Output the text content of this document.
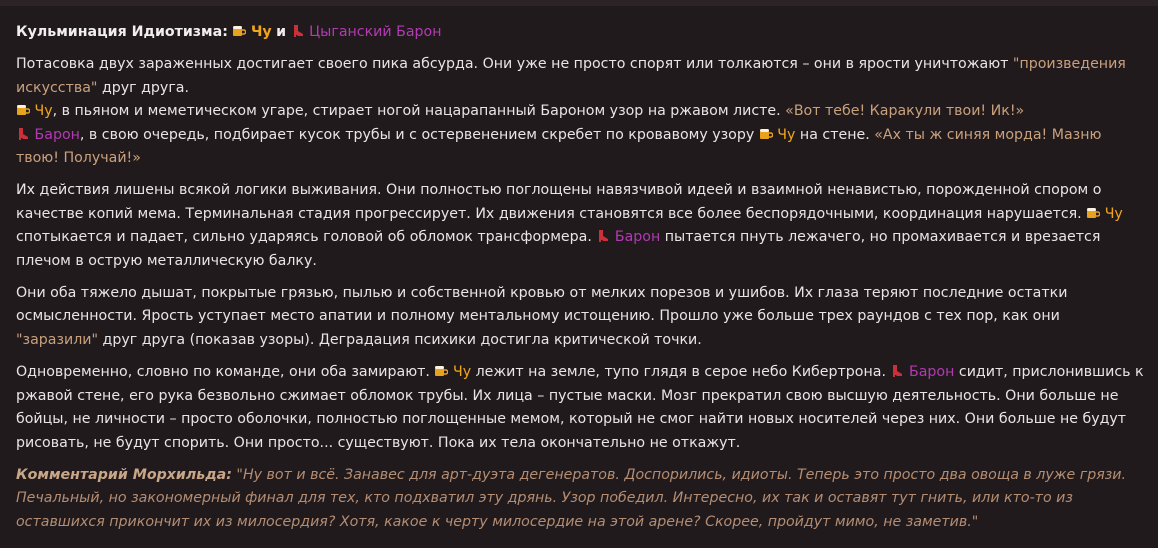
Кульминация Идиотизма: Чу и Цыганский Барон

Потасовка двух зараженных достигает своего пика абсурда. Они уже не просто спорят или толкаются – они в ярости уничтожают "произведения искусства" друг друга.
Чу, в пьяном и мемeтическом угаре, стирает ногой нацарапанный Бароном узор на ржавом листе. «Вот тебе! Каракули твои! Ик!»
Барон, в свою очередь, подбирает кусок трубы и с остервенением скребет по кровавому узору  Чу на стене. «Ах ты ж синяя морда! Мазню твою! Получай!»

Их действия лишены всякой логики выживания. Они полностью поглощены навязчивой идеей и взаимной ненавистью, порожденной спором о качестве копий мема. Терминальная стадия прогрессирует. Их движения становятся все более беспорядочными, координация нарушается.  Чу спотыкается и падает, сильно ударяясь головой об обломок трансформера.  Барон пытается пнуть лежачего, но промахивается и врезается плечом в острую металлическую балку.

Они оба тяжело дышат, покрытые грязью, пылью и собственной кровью от мелких порезов и ушибов. Их глаза теряют последние остатки осмысленности. Ярость уступает место апатии и полному ментальному истощению. Прошло уже больше трех раундов с тех пор, как они "заразили" друг друга (показав узоры). Деградация психики достигла критической точки.

Одновременно, словно по команде, они оба замирают.  Чу лежит на земле, тупо глядя в серое небо Кибертрона.  Барон сидит, прислонившись к ржавой стене, его рука безвольно сжимает обломок трубы. Их лица – пустые маски. Мозг прекратил свою высшую деятельность. Они больше не бойцы, не личности – просто оболочки, полностью поглощенные мемом, который не смог найти новых носителей через них. Они больше не будут рисовать, не будут спорить. Они просто... существуют. Пока их тела окончательно не откажут.

Комментарий Морхильда: "Ну вот и всё. Занавес для арт-дуэта дегенератов. Доспорились, идиоты. Теперь это просто два овоща в луже грязи. Печальный, но закономерный финал для тех, кто подхватил эту дрянь. Узор победил. Интересно, их так и оставят тут гнить, или кто-то из оставшихся прикончит их из милосердия? Хотя, какое к черту милосердие на этой арене? Скорее, пройдут мимо, не заметив."
